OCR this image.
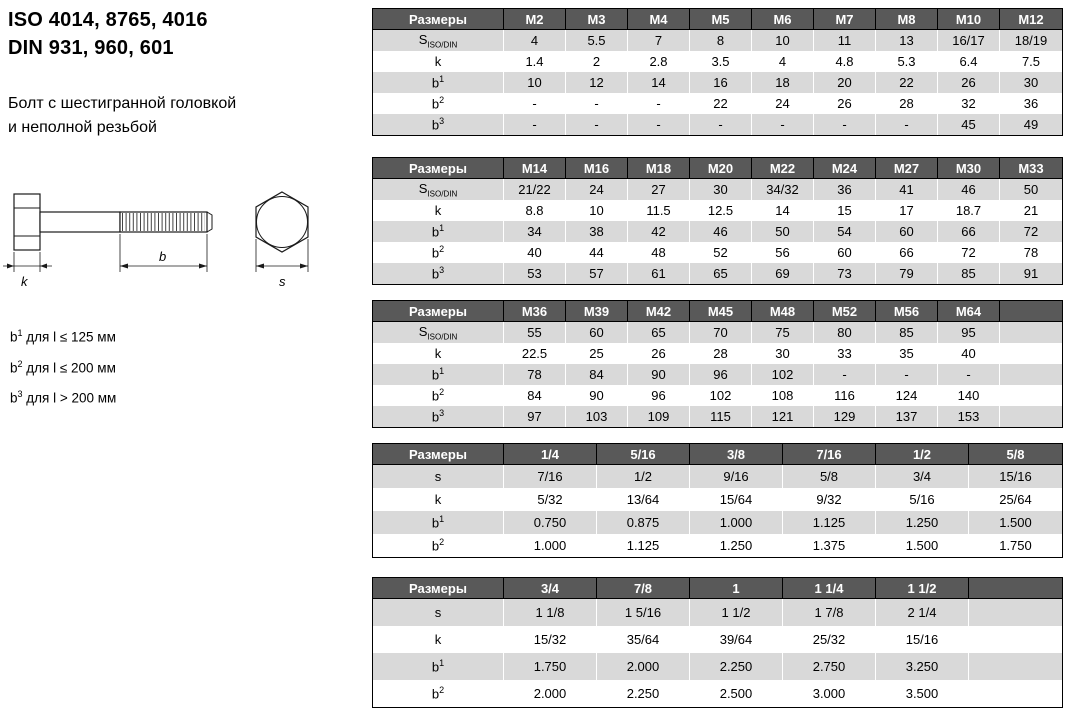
ISO 4014, 8765, 4016
DIN 931, 960, 601
Болт с шестигранной головкой
и неполной резьбой
k
b
s
$b^1$ для l ≤ 125 мм
$b^2$ для l ≤ 200 мм
$b^3$ для l > 200 мм
Размеры	M2	M3	M4	M5	M6	M7	M8	M10	M12
$S_{ISO/DIN}$	4	5.5	7	8	10	11	13	16/17	18/19
k	1.4	2	2.8	3.5	4	4.8	5.3	6.4	7.5
$b^1$	10	12	14	16	18	20	22	26	30
$b^2$	-	-	-	22	24	26	28	32	36
$b^3$	-	-	-	-	-	-	-	45	49
Размеры	M14	M16	M18	M20	M22	M24	M27	M30	M33
$S_{ISO/DIN}$	21/22	24	27	30	34/32	36	41	46	50
k	8.8	10	11.5	12.5	14	15	17	18.7	21
$b^1$	34	38	42	46	50	54	60	66	72
$b^2$	40	44	48	52	56	60	66	72	78
$b^3$	53	57	61	65	69	73	79	85	91
Размеры	M36	M39	M42	M45	M48	M52	M56	M64	
$S_{ISO/DIN}$	55	60	65	70	75	80	85	95	
k	22.5	25	26	28	30	33	35	40	
$b^1$	78	84	90	96	102	-	-	-	
$b^2$	84	90	96	102	108	116	124	140	
$b^3$	97	103	109	115	121	129	137	153	
Размеры	1/4	5/16	3/8	7/16	1/2	5/8
s	7/16	1/2	9/16	5/8	3/4	15/16
k	5/32	13/64	15/64	9/32	5/16	25/64
$b^1$	0.750	0.875	1.000	1.125	1.250	1.500
$b^2$	1.000	1.125	1.250	1.375	1.500	1.750
Размеры	3/4	7/8	1	1 1/4	1 1/2	
s	1 1/8	1 5/16	1 1/2	1 7/8	2 1/4	
k	15/32	35/64	39/64	25/32	15/16	
$b^1$	1.750	2.000	2.250	2.750	3.250	
$b^2$	2.000	2.250	2.500	3.000	3.500	
